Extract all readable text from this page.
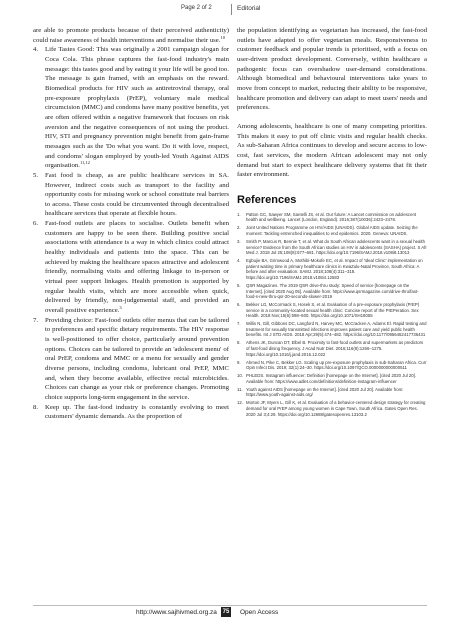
Page 2 of 2	Editorial

are able to promote products because of their perceived authenticity) could raise awareness of health interventions and normalise their use.$^{10}$

4. Life Tastes Good: This was originally a 2001 campaign slogan for Coca Cola. This phrase captures the fast-food industry's main message: this tastes good and by eating it your life will be good too. The message is gain framed, with an emphasis on the reward. Biomedical products for HIV such as antiretroviral therapy, oral pre-exposure prophylaxis (PrEP), voluntary male medical circumcision (MMC) and condoms have many positive benefits, yet are often offered within a negative framework that focuses on risk aversion and the negative consequences of not using the product. HIV, STI and pregnancy prevention might benefit from gain-frame messages such as the 'Do what you want. Do it with love, respect, and condoms' slogan employed by youth-led Youth Against AIDS organisation.$^{11,12}$
5. Fast food is cheap, as are public healthcare services in SA. However, indirect costs such as transport to the facility and opportunity costs for missing work or school constitute real barriers to access. These costs could be circumvented through decentralised healthcare services that operate at flexible hours.
6. Fast-food outlets are places to socialise. Outlets benefit when customers are happy to be seen there. Building positive social associations with attendance is a way in which clinics could attract healthy individuals and patients into the space. This can be achieved by making the healthcare spaces attractive and adolescent friendly, normalising visits and offering linkage to in-person or virtual peer support linkages. Health promotion is supported by regular health visits, which are more accessible when quick, delivered by friendly, non-judgemental staff, and provided an overall positive experience.$^3$
7. Providing choice: Fast-food outlets offer menus that can be tailored to preferences and specific dietary requirements. The HIV response is well-positioned to offer choice, particularly around prevention options. Choices can be tailored to provide an 'adolescent menu' of oral PrEP, condoms and MMC or a menu for sexually and gender diverse persons, including condoms, lubricant oral PrEP, MMC and, when they become available, effective rectal microbicides. Choices can change as your risk or preference changes. Promoting choice supports long-term engagement in the service.
8. Keep up. The fast-food industry is constantly evolving to meet customers' dynamic demands. As the proportion of

the population identifying as vegetarian has increased, the fast-food outlets have adapted to offer vegetarian meals. Responsiveness to customer feedback and popular trends is prioritised, with a focus on user-driven product development. Conversely, within healthcare a pathogenic focus can overshadow user-demand considerations. Although biomedical and behavioural interventions take years to move from concept to market, reducing their ability to be responsive, healthcare promotion and delivery can adapt to meet users' needs and preferences.

Among adolescents, healthcare is one of many competing priorities. This makes it easy to put off clinic visits and regular health checks. As sub-Saharan Africa continues to develop and secure access to low-cost, fast services, the modern African adolescent may not only demand but start to expect healthcare delivery systems that fit their faster environment.

References
1. Patton GC, Sawyer SM, Santelli JS, et al. Our future: A Lancet commission on adolescent health and wellbeing. Lancet (London, England). 2016;387(10036):2423–2478.
2. Joint United Nations Programme on HIV/AIDS (UNAIDS). Global AIDS update. Seizing the moment: Tackling entrenched inequalities to end epidemics. 2020. Geneva: UNAIDS.
3. Smith P, Marcus R, Bennie T, et al. What do South African adolescents want in a sexual health service? Evidence from the South African studies on HIV in adolescents (SASHA) project. S Afr Med J. 2018 Jul 25;108(8):677–681. https://doi.org/10.7196/SAMJ.2018.v108i8.13013
4. Egbujie BA, Grimwood A, Mothibi-Mokofe EC, et al. Impact of 'Ideal Clinic' implementation on patient waiting time in primary healthcare clinics in KwaZulu-Natal Province, South Africa: A before and after evaluation. SAMJ. 2018;108(4):311–318. https://doi.org/10.7196/SAMJ.2018.v108i4.12583
5. QSR Magazines. The 2019 QSR drive-thru study: Speed of service [homepage on the Internet]. [cited 2020 Aug 05]. Available from: https://www.qsrmagazine.com/drive-thru/fast-food-s-new-thru-qsr-20-seconds-slower-2019
6. Bekker LG, McCormack S, Hosek S, et al. Evaluation of a pre-exposure prophylaxis (PrEP) service in a community-located sexual health clinic: Concise report of the PrEPeration. Sex Health. 2018 Nov;15(6):598–600. https://doi.org/10.1071/SH18055
7. Willis N, Gill, Gibbons DC, Langford N, Harvey MC, McCracken A, Adams El. Rapid testing and treatment for sexually transmitted infections improves patient care and yield public health benefits. Int J STD AIDS. 2018 Apr;29(5):474–482. https://doi.org/10.1177/0956462417736431
8. Athens JK, Duncan DT, Elbel B. Proximity to fast-food outlets and supermarkets as predictors of fast-food dining frequency. J Acad Nutr Diet. 2016;116(8):1266–1275. https://doi.org/10.1016/j.jand.2015.12.022
9. Ahmed N, Pike C, Bekker LG. Scaling up pre-exposure prophylaxis in sub-Saharan Africa. Curr Opin Infect Dis. 2019; 32(1):24–30. https://doi.org/10.1097/QCO.0000000000000511
10. PHLEDS. Instagram influencer: Definition [homepage on the Internet]. [cited 2020 Jul 20]. Available from: https://www.adlet.com/definitions/definition-instagram-influencer
11. Youth against AIDS [homepage on the Internet]. [cited 2020 Jul 20]. Available from: https://www.youth-against-aids.org/
12. Morton JF, Myers L, Gill K, et al. Evaluation of a behavior-centered design strategy for creating demand for oral PrEP among young women in Cape Town, South Africa. Gates Open Res. 2020 Jul 3;4:29. https://doi.org/10.12688/gatesopenres.13103.2
http://www.sajhivmed.org.za 75 Open Access
